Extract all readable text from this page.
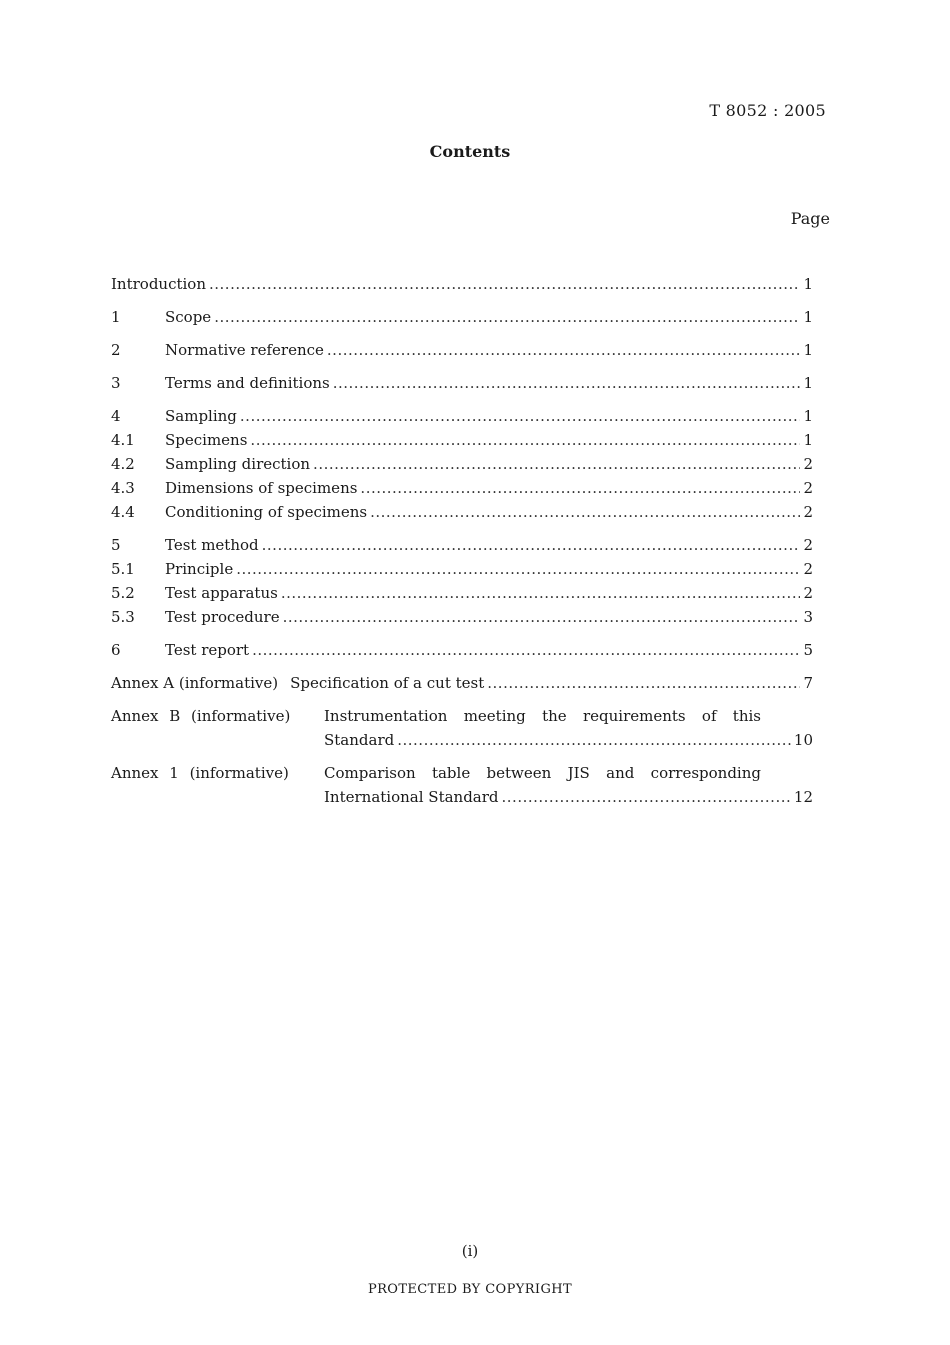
T 8052 : 2005
Contents
Page
Introduction .....	1
1	Scope .....	1
2	Normative reference .....	1
3	Terms and definitions .....	1
4	Sampling .....	1
4.1	Specimens .....	1
4.2	Sampling direction .....	2
4.3	Dimensions of specimens .....	2
4.4	Conditioning of specimens .....	2
5	Test method .....	2
5.1	Principle .....	2
5.2	Test apparatus .....	2
5.3	Test procedure .....	3
6	Test report .....	5
Annex A (informative) Specification of a cut test .....	7
Annex B (informative)	Instrumentation meeting the requirements of this
Standard .....	10
Annex 1 (informative)	Comparison table between JIS and corresponding
International Standard .....	12
(i)
PROTECTED BY COPYRIGHT
